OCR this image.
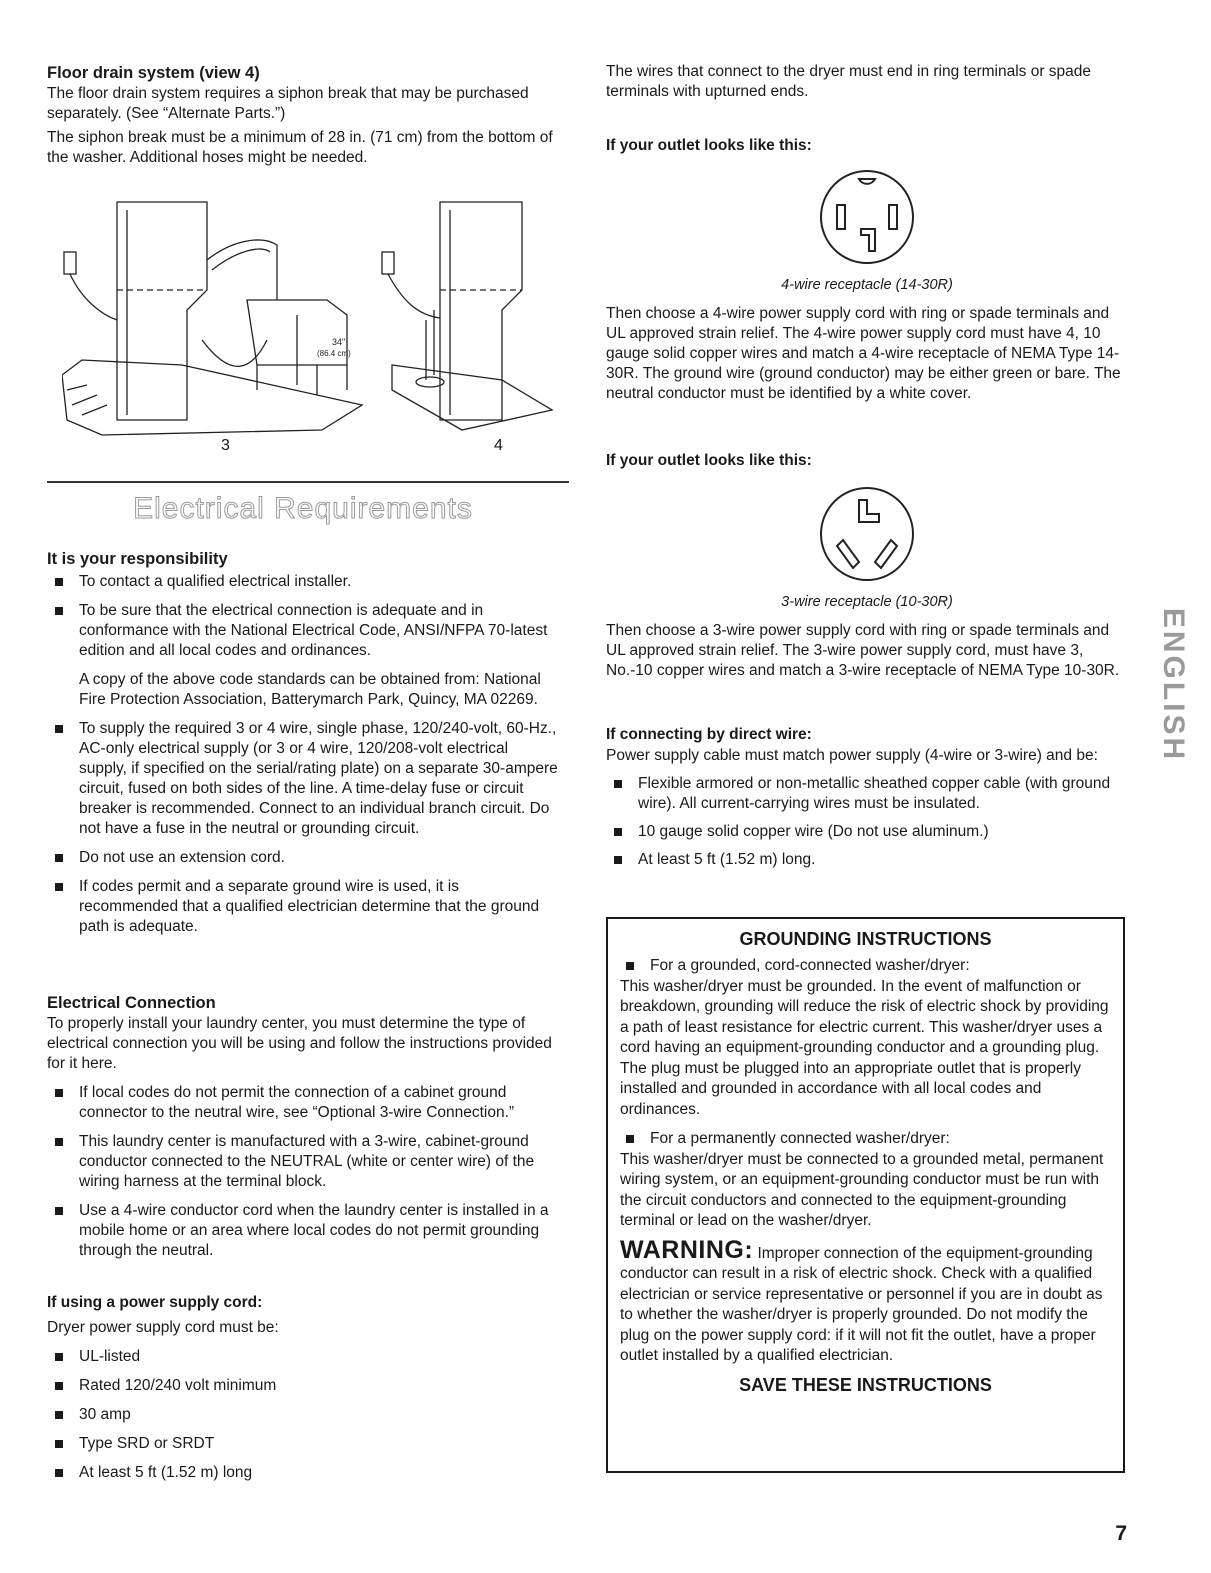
Floor drain system (view 4)

The floor drain system requires a siphon break that may be purchased separately. (See “Alternate Parts.”)

The siphon break must be a minimum of 28 in. (71 cm) from the bottom of the washer. Additional hoses might be needed.

34"
(86.4 cm)
3	4
Electrical Requirements
It is your responsibility
To contact a qualified electrical installer.
To be sure that the electrical connection is adequate and in conformance with the National Electrical Code, ANSI/NFPA 70-latest edition and all local codes and ordinances.

A copy of the above code standards can be obtained from: National Fire Protection Association, Batterymarch Park, Quincy, MA 02269.

To supply the required 3 or 4 wire, single phase, 120/240-volt, 60-Hz., AC-only electrical supply (or 3 or 4 wire, 120/208-volt electrical supply, if specified on the serial/rating plate) on a separate 30-ampere circuit, fused on both sides of the line. A time-delay fuse or circuit breaker is recommended. Connect to an individual branch circuit. Do not have a fuse in the neutral or grounding circuit.
Do not use an extension cord.
If codes permit and a separate ground wire is used, it is recommended that a qualified electrician determine that the ground path is adequate.
Electrical Connection

To properly install your laundry center, you must determine the type of electrical connection you will be using and follow the instructions provided for it here.

If local codes do not permit the connection of a cabinet ground connector to the neutral wire, see “Optional 3-wire Connection.”
This laundry center is manufactured with a 3-wire, cabinet-ground conductor connected to the NEUTRAL (white or center wire) of the wiring harness at the terminal block.
Use a 4-wire conductor cord when the laundry center is installed in a mobile home or an area where local codes do not permit grounding through the neutral.
If using a power supply cord:

Dryer power supply cord must be:

UL-listed
Rated 120/240 volt minimum
30 amp
Type SRD or SRDT
At least 5 ft (1.52 m) long

The wires that connect to the dryer must end in ring terminals or spade terminals with upturned ends.

If your outlet looks like this:

4-wire receptacle (14-30R)

Then choose a 4-wire power supply cord with ring or spade terminals and UL approved strain relief. The 4-wire power supply cord must have 4, 10 gauge solid copper wires and match a 4-wire receptacle of NEMA Type 14-30R. The ground wire (ground conductor) may be either green or bare. The neutral conductor must be identified by a white cover.

If your outlet looks like this:

3-wire receptacle (10-30R)

Then choose a 3-wire power supply cord with ring or spade terminals and UL approved strain relief. The 3-wire power supply cord, must have 3, No.-10 copper wires and match a 3-wire receptacle of NEMA Type 10-30R.

If connecting by direct wire:

Power supply cable must match power supply (4-wire or 3-wire) and be:

Flexible armored or non-metallic sheathed copper cable (with ground wire). All current-carrying wires must be insulated.
10 gauge solid copper wire (Do not use aluminum.)
At least 5 ft (1.52 m) long.
GROUNDING INSTRUCTIONS
For a grounded, cord-connected washer/dryer:
This washer/dryer must be grounded. In the event of malfunction or breakdown, grounding will reduce the risk of electric shock by providing a path of least resistance for electric current. This washer/dryer uses a cord having an equipment-grounding conductor and a grounding plug. The plug must be plugged into an appropriate outlet that is properly installed and grounded in accordance with all local codes and ordinances.
For a permanently connected washer/dryer:
This washer/dryer must be connected to a grounded metal, permanent wiring system, or an equipment-grounding conductor must be run with the circuit conductors and connected to the equipment-grounding terminal or lead on the washer/dryer.
WARNING: Improper connection of the equipment-grounding conductor can result in a risk of electric shock. Check with a qualified electrician or service representative or personnel if you are in doubt as to whether the washer/dryer is properly grounded. Do not modify the plug on the power supply cord: if it will not fit the outlet, have a proper outlet installed by a qualified electrician.
SAVE THESE INSTRUCTIONS
ENGLISH
7
